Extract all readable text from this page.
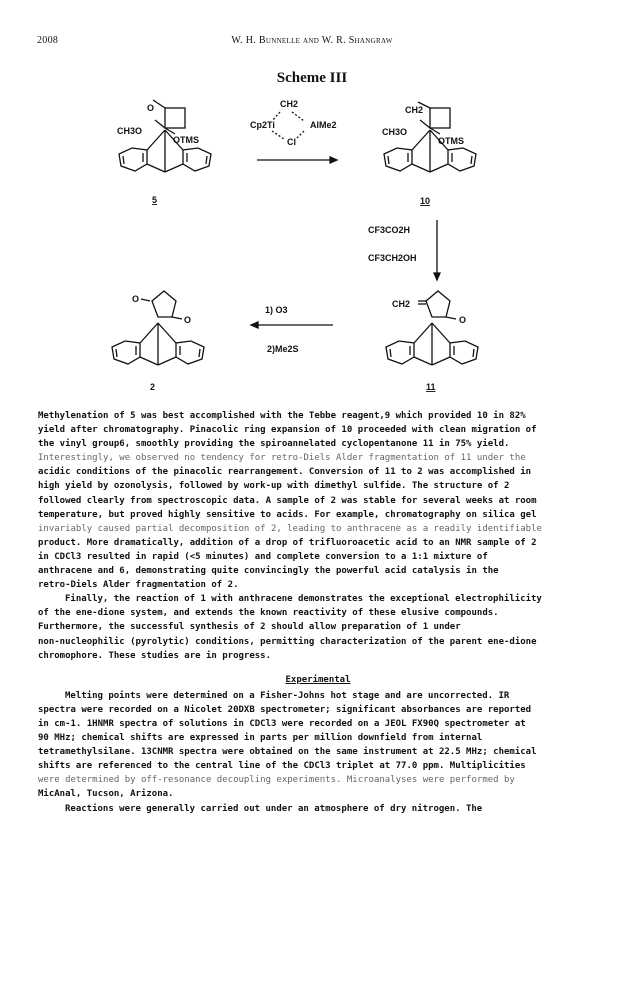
2008	W. H. Bunnelle and W. R. Shangraw
Scheme III
O
CH3O
OTMS
5
CH2
Cp2Ti	AlMe2
Cl
CH2
CH3O
OTMS
10
CF3CO2H
CF3CH2OH
CH2
O
11
1) O3
2)Me2S
O
O
2

Methylenation of 5 was best accomplished with the Tebbe reagent,9 which provided 10 in 82%

yield after chromatography. Pinacolic ring expansion of 10 proceeded with clean migration of

the vinyl group6, smoothly providing the spiroannelated cyclopentanone 11 in 75% yield.

Interestingly, we observed no tendency for retro-Diels Alder fragmentation of 11 under the

acidic conditions of the pinacolic rearrangement. Conversion of 11 to 2 was accomplished in

high yield by ozonolysis, followed by work-up with dimethyl sulfide. The structure of 2

followed clearly from spectroscopic data. A sample of 2 was stable for several weeks at room

temperature, but proved highly sensitive to acids. For example, chromatography on silica gel

invariably caused partial decomposition of 2, leading to anthracene as a readily identifiable

product. More dramatically, addition of a drop of trifluoroacetic acid to an NMR sample of 2

in CDCl3 resulted in rapid (<5 minutes) and complete conversion to a 1:1 mixture of

anthracene and 6, demonstrating quite convincingly the powerful acid catalysis in the

retro-Diels Alder fragmentation of 2.

Finally, the reaction of 1 with anthracene demonstrates the exceptional electrophilicity

of the ene-dione system, and extends the known reactivity of these elusive compounds.

Furthermore, the successful synthesis of 2 should allow preparation of 1 under

non-nucleophilic (pyrolytic) conditions, permitting characterization of the parent ene-dione

chromophore. These studies are in progress.

Experimental

Melting points were determined on a Fisher-Johns hot stage and are uncorrected. IR

spectra were recorded on a Nicolet 20DXB spectrometer; significant absorbances are reported

in cm-1. 1HNMR spectra of solutions in CDCl3 were recorded on a JEOL FX90Q spectrometer at

90 MHz; chemical shifts are expressed in parts per million downfield from internal

tetramethylsilane. 13CNMR spectra were obtained on the same instrument at 22.5 MHz; chemical

shifts are referenced to the central line of the CDCl3 triplet at 77.0 ppm. Multiplicities

were determined by off-resonance decoupling experiments. Microanalyses were performed by

MicAnal, Tucson, Arizona.

Reactions were generally carried out under an atmosphere of dry nitrogen. The
